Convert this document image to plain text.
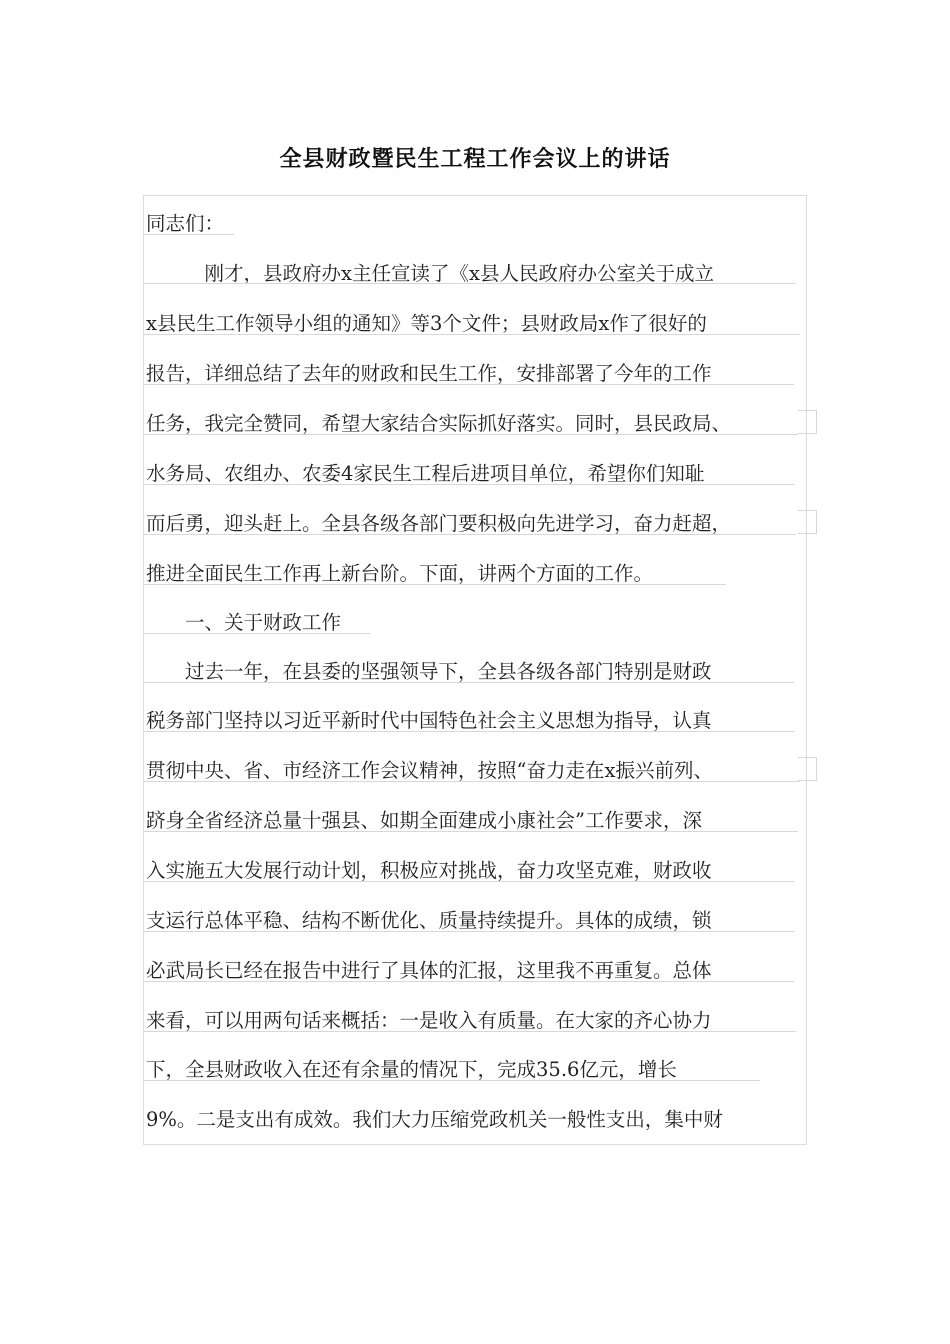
全县财政暨民生工程工作会议上的讲话
同志们：
　　　刚才，县政府办x主任宣读了《x县人民政府办公室关于成立
x县民生工作领导小组的通知》等3个文件；县财政局x作了很好的
报告，详细总结了去年的财政和民生工作，安排部署了今年的工作
任务，我完全赞同，希望大家结合实际抓好落实。同时，县民政局、
水务局、农组办、农委4家民生工程后进项目单位，希望你们知耻
而后勇，迎头赶上。全县各级各部门要积极向先进学习，奋力赶超，
推进全面民生工作再上新台阶。下面，讲两个方面的工作。
　　一、关于财政工作
　　过去一年，在县委的坚强领导下，全县各级各部门特别是财政
税务部门坚持以习近平新时代中国特色社会主义思想为指导，认真
贯彻中央、省、市经济工作会议精神，按照“奋力走在x振兴前列、
跻身全省经济总量十强县、如期全面建成小康社会”工作要求，深
入实施五大发展行动计划，积极应对挑战，奋力攻坚克难，财政收
支运行总体平稳、结构不断优化、质量持续提升。具体的成绩，锁
必武局长已经在报告中进行了具体的汇报，这里我不再重复。总体
来看，可以用两句话来概括：一是收入有质量。在大家的齐心协力
下，全县财政收入在还有余量的情况下，完成35.6亿元，增长
9%。二是支出有成效。我们大力压缩党政机关一般性支出，集中财
